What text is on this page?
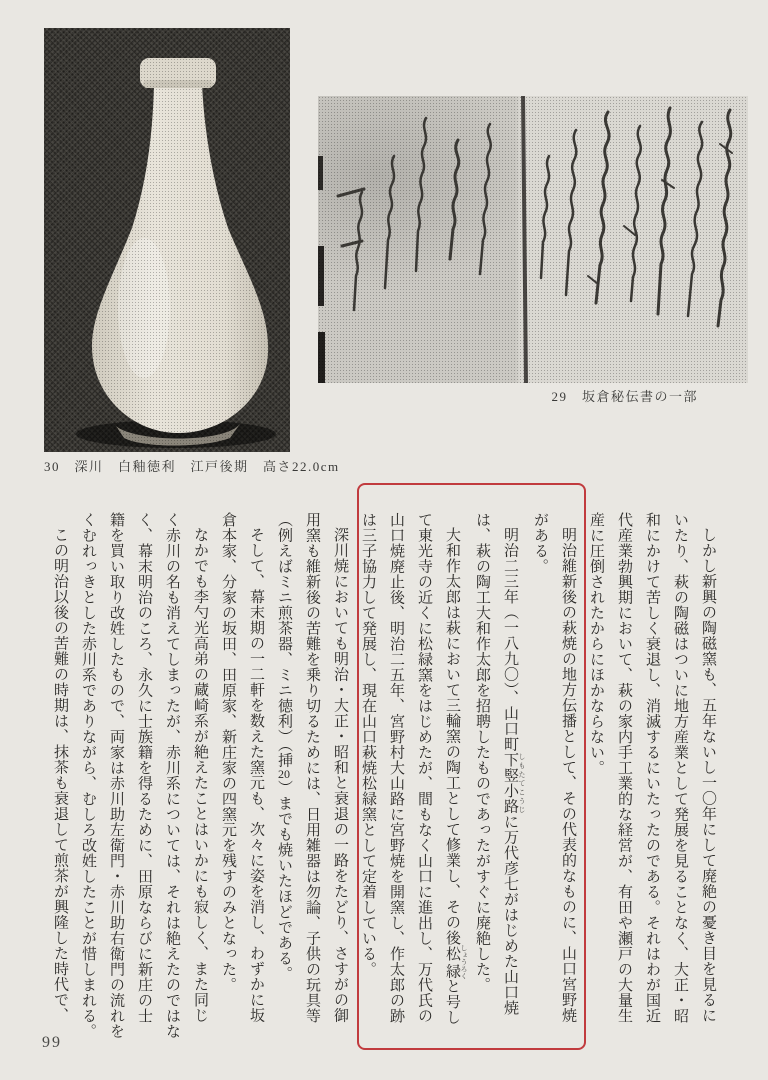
29　坂倉秘伝書の一部
30　深川　白釉徳利　江戸後期　高さ22.0cm
しかし新興の陶磁窯も、五年ないし一〇年にして廃絶の憂き目を見るに
いたり、萩の陶磁はついに地方産業として発展を見ることなく、大正・昭
和にかけて苦しく衰退し、消滅するにいたったのである。それはわが国近
代産業勃興期において、萩の家内手工業的な経営が、有田や瀬戸の大量生
産に圧倒されたからにほかならない。
明治維新後の萩焼の地方伝播として、その代表的なものに、山口宮野焼
がある。
明治二三年（一八九〇）、山口町下竪小路 しもたてこうじに万代彦七がはじめた山口焼
は、萩の陶工大和作太郎を招聘したものであったがすぐに廃絶した。
大和作太郎は萩において三輪窯の陶工として修業し、その後松緑 しょうろくと号し
て東光寺の近くに松緑窯をはじめたが、間もなく山口に進出し、万代氏の
山口焼廃止後、明治二五年、宮野村大山路に宮野焼を開窯し、作太郎の跡
は三子協力して発展し、現在山口萩焼松緑窯として定着している。
深川焼においても明治・大正・昭和と衰退の一路をたどり、さすがの御
用窯も維新後の苦難を乗り切るためには、日用雑器は勿論、子供の玩具等
（例えばミニ煎茶器、ミニ徳利）（挿20）までも焼いたほどである。
そして、幕末期の一二軒を数えた窯元も、次々に姿を消し、わずかに坂
倉本家、分家の坂田、田原家、新庄家の四窯元を残すのみとなった。
なかでも李勺光高弟の蔵崎系が絶えたことはいかにも寂しく、また同じ
く赤川の名も消えてしまったが、赤川系については、それは絶えたのではな
く、幕末明治のころ、永久に士族籍を得るために、田原ならびに新庄の士
籍を買い取り改姓したもので、両家は赤川助左衛門・赤川助右衛門の流れを
くむれっきとした赤川系でありながら、むしろ改姓したことが惜しまれる。
この明治以後の苦難の時期は、抹茶も衰退して煎茶が興隆した時代で、
99
